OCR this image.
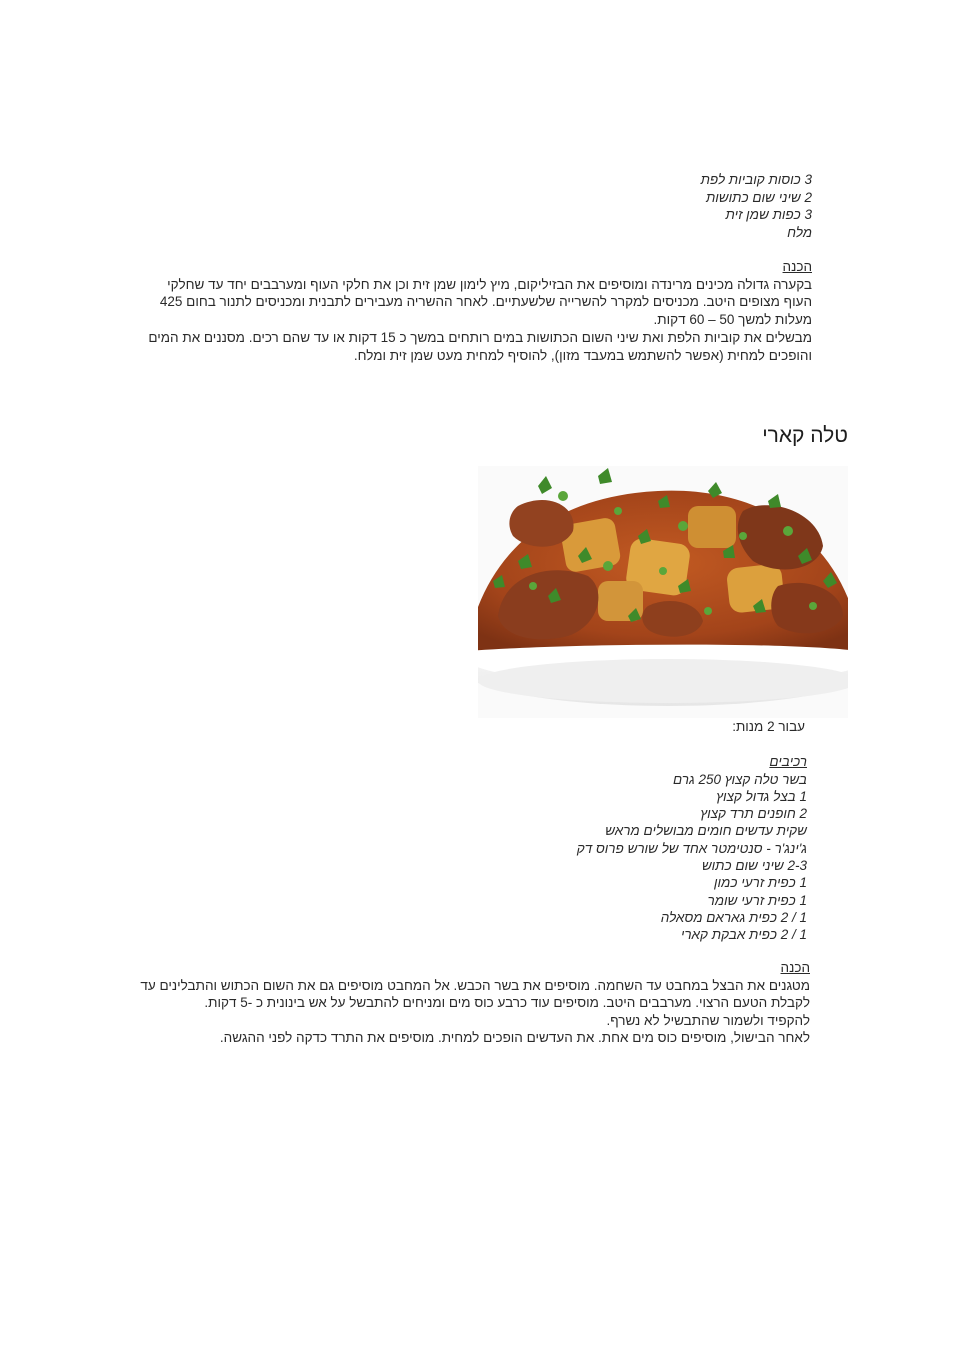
3 כוסות קוביות לפת
2 שיני שום כתושות
3 כפות שמן זית
מלח
הכנה

בקערה גדולה מכינים מרינדה ומוסיפים את הבזיליקום, מיץ לימון שמן זית וכן את חלקי העוף ומערבבים יחד עד שחלקי העוף מצופים היטב. מכניסים למקרר להשרייה שלשעתיים. לאחר ההשריה מעבירים לתבנית ומכניסים לתנור בחום 425 מעלות למשך 50 – 60 דקות.

מבשלים את קוביות הלפת ואת שיני השום הכתושות במים רותחים במשך כ 15 דקות או עד שהם רכים. מסננים את המים והופכים למחית (אפשר להשתמש במעבד מזון), להוסיף למחית מעט שמן זית ומלח.

טלה קארי
עבור 2 מנות:
רכיבים
בשר טלה קצוץ 250 גרם
1 בצל גדול קצוץ
2 חופנים תרד קצוץ
שקית עדשים חומים מבושלים מראש
ג'ינג'ר - סנטימטר אחד של שורש פרוס דק
2-3 שיני שום כתוש
1 כפית זרעי כמון
1 כפית זרעי שומר
1 / 2 כפית גאראם מסאלה
1 / 2 כפית אבקת קארי
הכנה

מטגנים את הבצל במחבט עד השחמה. מוסיפים את בשר הכבש. אל המחבט מוסיפים גם את השום הכתוש והתבלינים עד לקבלת הטעם הרצוי. מערבבים היטב. מוסיפים עוד כרבע כוס מים ומניחים להתבשל על אש בינונית כ -5 דקות.

להקפיד ולשמור שהתבשיל לא נשרף.

לאחר הבישול, מוסיפים כוס מים אחת. את העדשים הופכים למחית. מוסיפים את התרד כדקה לפני ההגשה.
